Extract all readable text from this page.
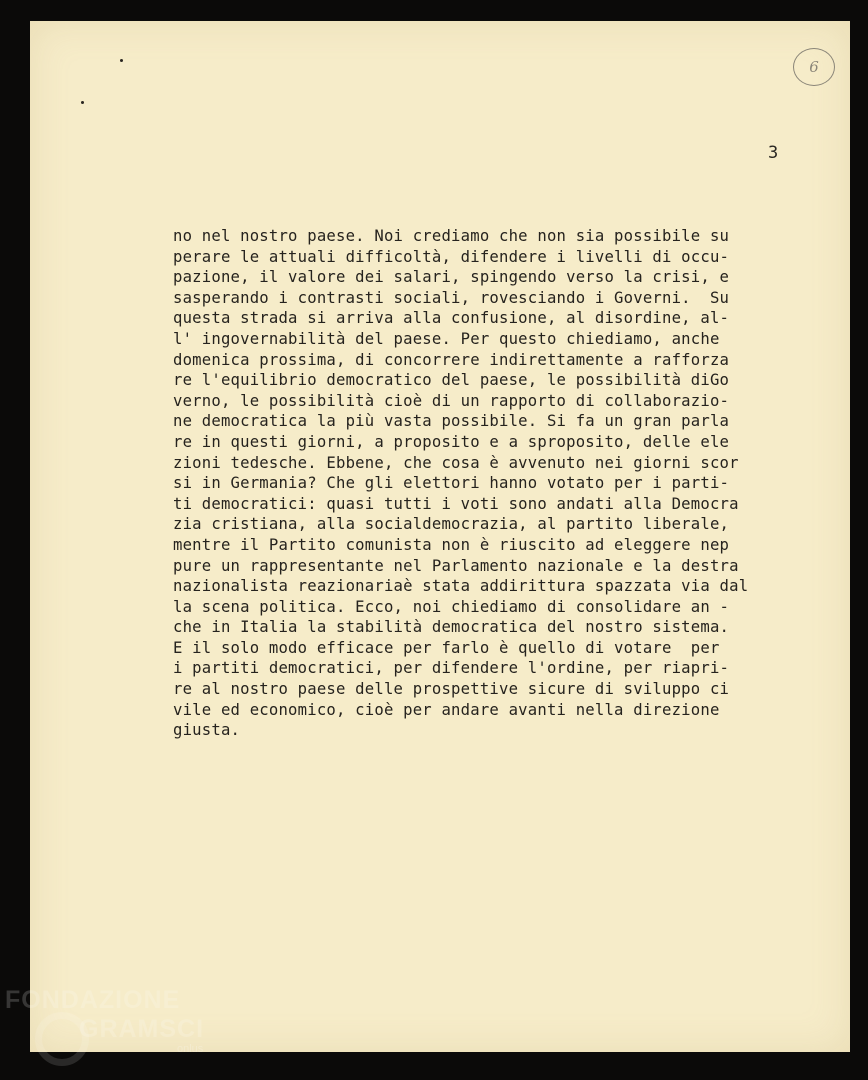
6
3
no nel nostro paese. Noi crediamo che non sia possibile su
perare le attuali difficoltà, difendere i livelli di occu-
pazione, il valore dei salari, spingendo verso la crisi, e
sasperando i contrasti sociali, rovesciando i Governi.  Su
questa strada si arriva alla confusione, al disordine, al-
l' ingovernabilità del paese. Per questo chiediamo, anche
domenica prossima, di concorrere indirettamente a rafforza
re l'equilibrio democratico del paese, le possibilità diGo
verno, le possibilità cioè di un rapporto di collaborazio-
ne democratica la più vasta possibile. Si fa un gran parla
re in questi giorni, a proposito e a sproposito, delle ele
zioni tedesche. Ebbene, che cosa è avvenuto nei giorni scor
si in Germania? Che gli elettori hanno votato per i parti-
ti democratici: quasi tutti i voti sono andati alla Democra
zia cristiana, alla socialdemocrazia, al partito liberale,
mentre il Partito comunista non è riuscito ad eleggere nep
pure un rappresentante nel Parlamento nazionale e la destra
nazionalista reazionariaè stata addirittura spazzata via dal
la scena politica. Ecco, noi chiediamo di consolidare an -
che in Italia la stabilità democratica del nostro sistema.
E il solo modo efficace per farlo è quello di votare  per
i partiti democratici, per difendere l'ordine, per riapri-
re al nostro paese delle prospettive sicure di sviluppo ci
vile ed economico, cioè per andare avanti nella direzione
giusta.
FONDAZIONE
GRAMSCI
onlus
